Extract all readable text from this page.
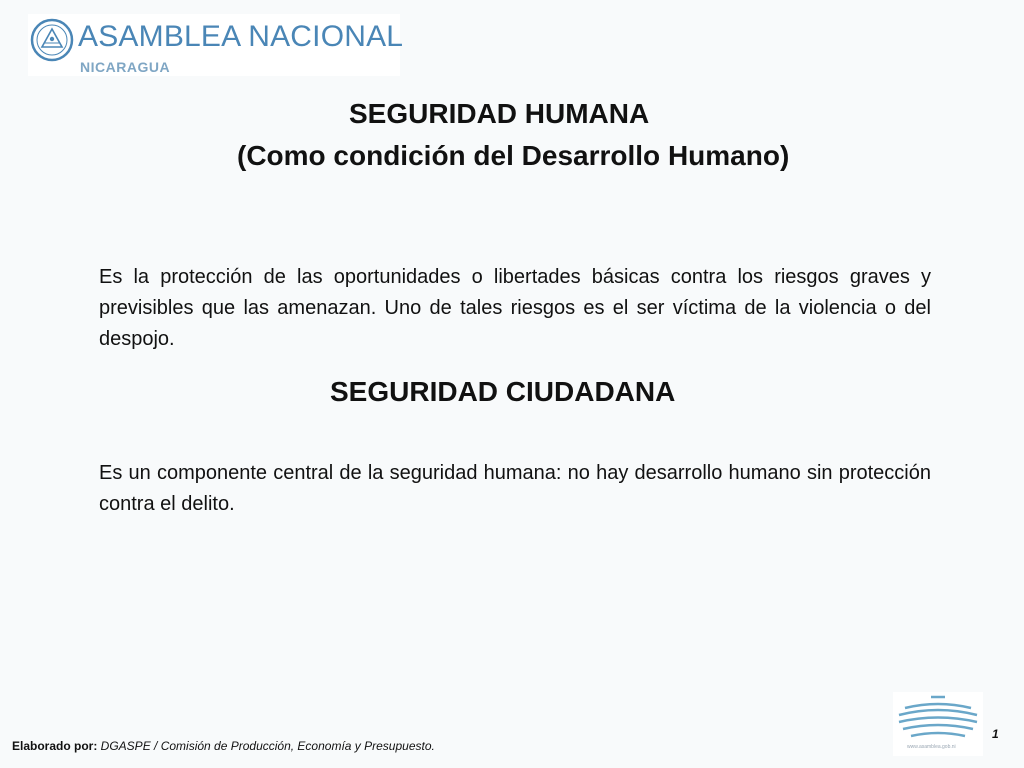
ASAMBLEA NACIONAL
NICARAGUA
SEGURIDAD HUMANA
(Como condición del Desarrollo Humano)
Es la protección de las oportunidades o libertades básicas contra los riesgos graves y previsibles que las amenazan. Uno de tales riesgos es el ser víctima de la violencia o del despojo.
SEGURIDAD CIUDADANA
Es un componente central de la seguridad humana: no hay desarrollo humano sin protección contra el delito.
Elaborado por: DGASPE / Comisión de Producción, Economía y Presupuesto.	www.asamblea.gob.ni
1
